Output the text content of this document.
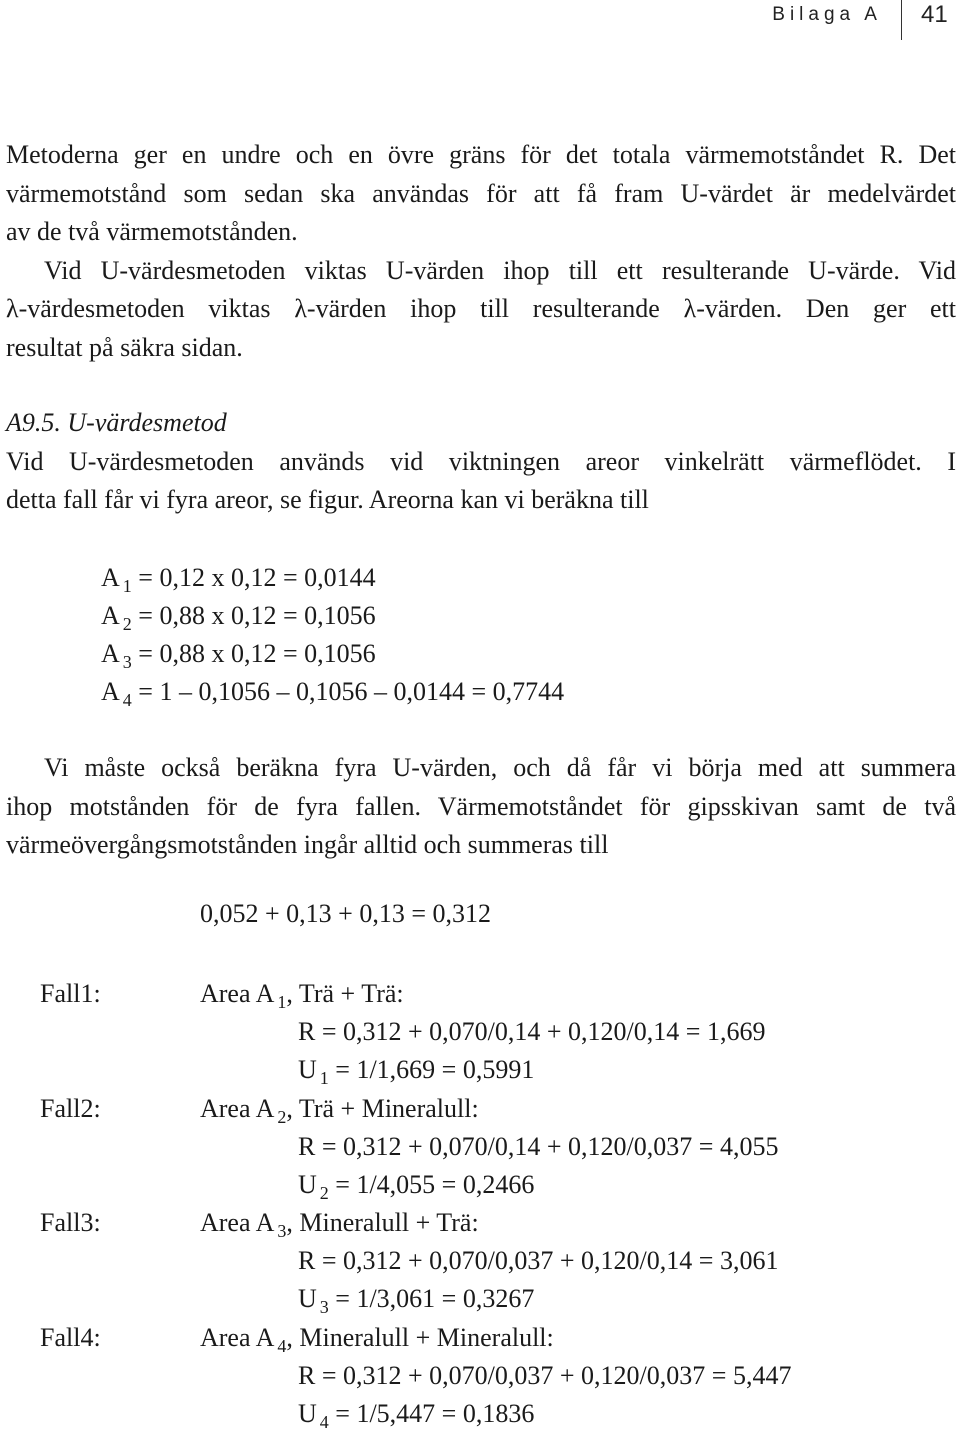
Bilaga A 41
Metoderna ger en undre och en övre gräns för det totala värmemotståndet R. Det
värmemotstånd som sedan ska användas för att få fram U-värdet är medelvärdet
av de två värmemotstånden.
Vid U-värdesmetoden viktas U-värden ihop till ett resulterande U-värde. Vid
λ-värdesmetoden viktas λ-värden ihop till resulterande λ-värden. Den ger ett
resultat på säkra sidan.
A9.5. U-värdesmetod
Vid U-värdesmetoden används vid viktningen areor vinkelrätt värmeflödet. I
detta fall får vi fyra areor, se figur. Areorna kan vi beräkna till
A $_1$ = 0,12 x 0,12 = 0,0144
A $_2$ = 0,88 x 0,12 = 0,1056
A $_3$ = 0,88 x 0,12 = 0,1056
A $_4$ = 1 – 0,1056 – 0,1056 – 0,0144 = 0,7744
Vi måste också beräkna fyra U-värden, och då får vi börja med att summera
ihop motstånden för de fyra fallen. Värmemotståndet för gipsskivan samt de två
värmeövergångsmotstånden ingår alltid och summeras till
0,052 + 0,13 + 0,13 = 0,312
Fall1:	Area A $_1$, Trä + Trä:
R = 0,312 + 0,070/0,14 + 0,120/0,14 = 1,669
U $_1$ = 1/1,669 = 0,5991
Fall2:	Area A $_2$, Trä + Mineralull:
R = 0,312 + 0,070/0,14 + 0,120/0,037 = 4,055
U $_2$ = 1/4,055 = 0,2466
Fall3:	Area A $_3$, Mineralull + Trä:
R = 0,312 + 0,070/0,037 + 0,120/0,14 = 3,061
U $_3$ = 1/3,061 = 0,3267
Fall4:	Area A $_4$, Mineralull + Mineralull:
R = 0,312 + 0,070/0,037 + 0,120/0,037 = 5,447
U $_4$ = 1/5,447 = 0,1836
